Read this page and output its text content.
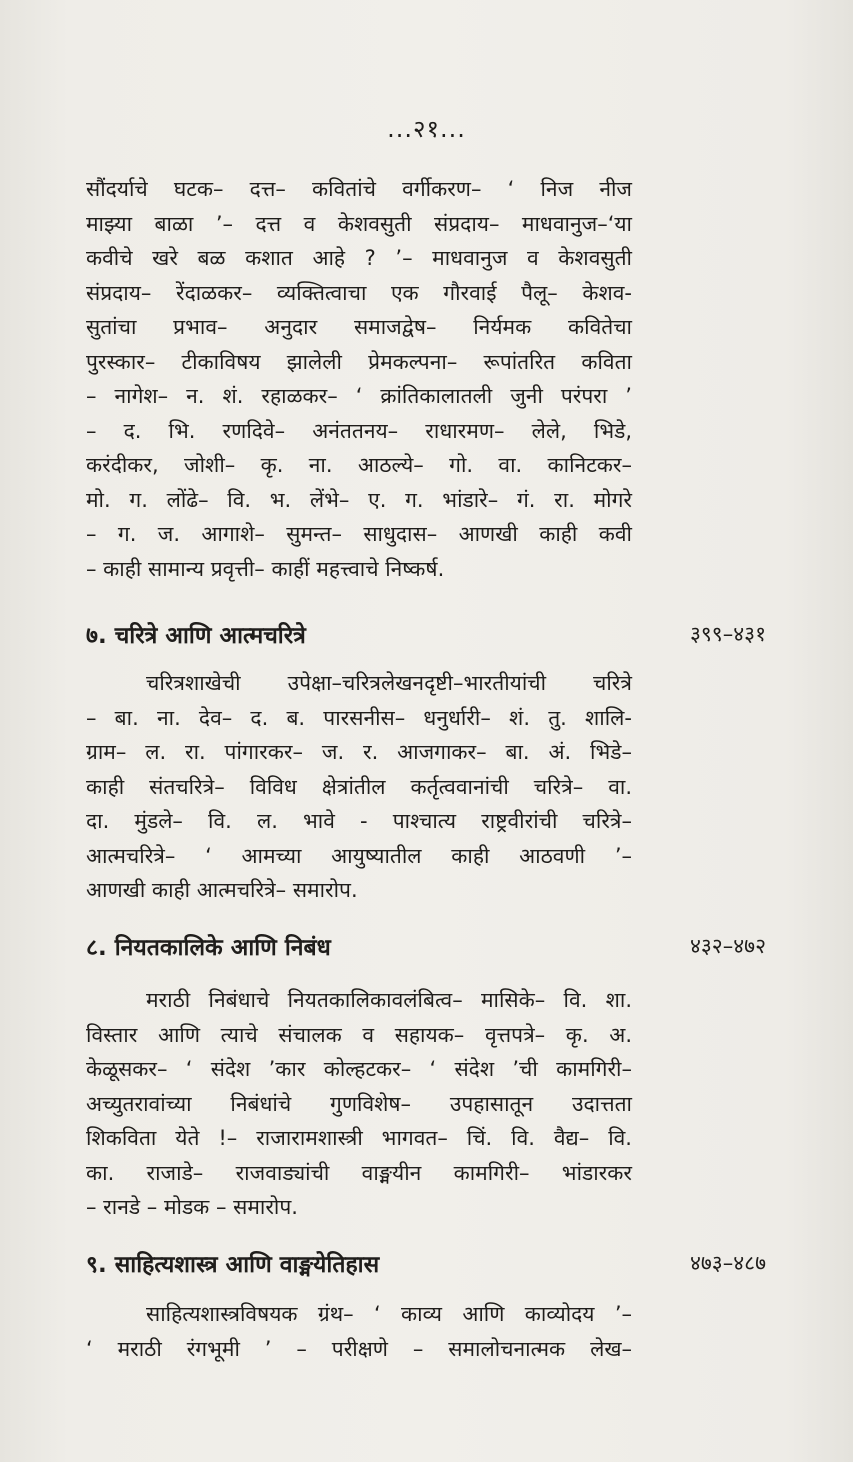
...२१...
सौंदर्याचे घटक– दत्त– कवितांचे वर्गीकरण– ‘ निज नीज
माझ्या बाळा ’– दत्त व केशवसुती संप्रदाय– माधवानुज–‘या
कवीचे खरे बळ कशात आहे ? ’– माधवानुज व केशवसुती
संप्रदाय– रेंदाळकर– व्यक्तित्वाचा एक गौरवाई पैलू– केशव-
सुतांचा प्रभाव– अनुदार समाजद्वेष– निर्यमक कवितेचा
पुरस्कार– टीकाविषय झालेली प्रेमकल्पना– रूपांतरित कविता
– नागेश– न. शं. रहाळकर– ‘ क्रांतिकालातली जुनी परंपरा ’
– द. भि. रणदिवे– अनंततनय– राधारमण– लेले, भिडे,
करंदीकर, जोशी– कृ. ना. आठल्ये– गो. वा. कानिटकर–
मो. ग. लोंढे– वि. भ. लेंभे– ए. ग. भांडारे– गं. रा. मोगरे
– ग. ज. आगाशे– सुमन्त– साधुदास– आणखी काही कवी
– काही सामान्य प्रवृत्ती– काहीं महत्त्वाचे निष्कर्ष.
७. चरित्रे आणि आत्मचरित्रे	३९९–४३१
चरित्रशाखेची उपेक्षा–चरित्रलेखनदृष्टी–भारतीयांची चरित्रे
– बा. ना. देव– द. ब. पारसनीस– धनुर्धारी– शं. तु. शालि-
ग्राम– ल. रा. पांगारकर– ज. र. आजगाकर– बा. अं. भिडे–
काही संतचरित्रे– विविध क्षेत्रांतील कर्तृत्ववानांची चरित्रे– वा.
दा. मुंडले– वि. ल. भावे - पाश्चात्य राष्ट्रवीरांची चरित्रे–
आत्मचरित्रे– ‘ आमच्या आयुष्यातील काही आठवणी ’–
आणखी काही आत्मचरित्रे– समारोप.
८. नियतकालिके आणि निबंध	४३२–४७२
मराठी निबंधाचे नियतकालिकावलंबित्व– मासिके– वि. शा.
विस्तार आणि त्याचे संचालक व सहायक– वृत्तपत्रे– कृ. अ.
केळूसकर– ‘ संदेश ’कार कोल्हटकर– ‘ संदेश ’ची कामगिरी–
अच्युतरावांच्या निबंधांचे गुणविशेष– उपहासातून उदात्तता
शिकविता येते !– राजारामशास्त्री भागवत– चिं. वि. वैद्य– वि.
का. राजाडे– राजवाड्यांची वाङ्मयीन कामगिरी– भांडारकर
– रानडे – मोडक – समारोप.
९. साहित्यशास्त्र आणि वाङ्मयेतिहास	४७३–४८७
साहित्यशास्त्रविषयक ग्रंथ– ‘ काव्य आणि काव्योदय ’–
‘ मराठी रंगभूमी ’ – परीक्षणे – समालोचनात्मक लेख–
